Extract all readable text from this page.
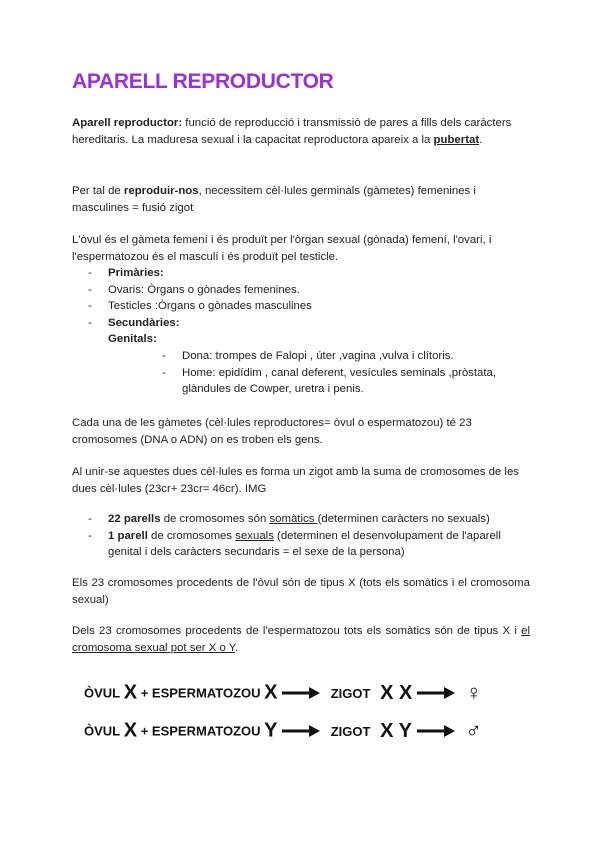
APARELL REPRODUCTOR
Aparell reproductor: funció de reproducció i transmissió de pares a fills dels caràcters hereditaris. La maduresa sexual i la capacitat reproductora apareix a la pubertat.
Per tal de reproduir-nos, necessitem cèl·lules germinals (gàmetes) femenines i masculines = fusió zigot
L'òvul és el gàmeta femení i és produït per l'òrgan sexual (gònada) femení, l'ovari, i l'espermatozou és el masculí i és produït pel testicle.
- Primàries:
- Ovaris: Òrgans o gònades femenines.
- Testicles :Òrgans o gònades masculines
- Secundàries:
Genitals:
- Dona: trompes de Falopi , úter ,vagina ,vulva i clítoris.
- Home: epidídim , canal deferent, vesícules seminals ,pròstata, glàndules de Cowper, uretra i penis.
Cada una de les gàmetes (cèl·lules reproductores= òvul o espermatozou) té 23 cromosomes (DNA o ADN) on es troben els gens.
Al unir-se aquestes dues cèl·lules es forma un zigot amb la suma de cromosomes de les dues cèl·lules (23cr+ 23cr= 46cr). IMG
- 22 parells de cromosomes són somàtics (determinen caràcters no sexuals)
- 1 parell de cromosomes sexuals (determinen el desenvolupament de l'aparell genital i dels caràcters secundaris = el sexe de la persona)
Els 23 cromosomes procedents de l'òvul són de tipus X (tots els somàtics i el cromosoma sexual)
Dels 23 cromosomes procedents de l'espermatozou tots els somàtics són de tipus X i el cromosoma sexual pot ser X o Y.
ÒVUL X + ESPERMATOZOU X	ZIGOT X X ♀
ÒVUL X + ESPERMATOZOU Y	ZIGOT X Y ♂
